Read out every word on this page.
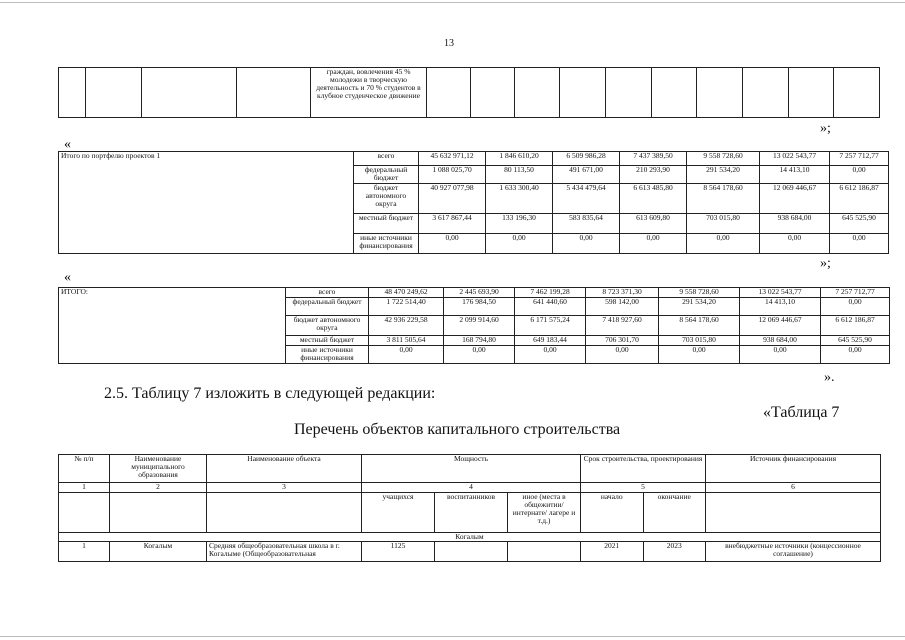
13
				граждан, вовлечения 45 % молодежи в творческую деятельность и 70 % студентов в клубное студенческое движение										
»;
«
Итого по портфелю проектов 1	всего	45 632 971,12	1 846 610,20	6 509 986,28	7 437 389,50	9 558 728,60	13 022 543,77	7 257 712,77
	федеральный бюджет	1 088 025,70	80 113,50	491 671,00	210 293,90	291 534,20	14 413,10	0,00
	бюджет автономного округа	40 927 077,98	1 633 300,40	5 434 479,64	6 613 485,80	8 564 178,60	12 069 446,67	6 612 186,87
	местный бюджет	3 617 867,44	133 196,30	583 835,64	613 609,80	703 015,80	938 684,00	645 525,90
	иные источники финансирования	0,00	0,00	0,00	0,00	0,00	0,00	0,00
»;
«
ИТОГО:	всего	48 470 249,62	2 445 693,90	7 462 199,28	8 723 371,30	9 558 728,60	13 022 543,77	7 257 712,77
	федеральный бюджет	1 722 514,40	176 984,50	641 440,60	598 142,00	291 534,20	14 413,10	0,00
	бюджет автономного округа	42 936 229,58	2 099 914,60	6 171 575,24	7 418 927,60	8 564 178,60	12 069 446,67	6 612 186,87
	местный бюджет	3 811 505,64	168 794,80	649 183,44	706 301,70	703 015,80	938 684,00	645 525,90
	иные источники финансирования	0,00	0,00	0,00	0,00	0,00	0,00	0,00
».
2.5. Таблицу 7 изложить в следующей редакции:
«Таблица 7
Перечень объектов капитального строительства
№ п/п	Наименование муниципального образования	Наименование объекта	Мощность			Срок строительства, проектирования		Источник финансирования

1	2	3	4			5		6
			учащихся	воспитанников	иное (места в общежитии/ интернате/ лагере и т.д.)	начало	окончание	
Когалым								
1	Когалым	Средняя общеобразовательная школа в г. Когалыме (Общеобразовательная	1125			2021	2023	внебюджетные источники (концессионное соглашение)
